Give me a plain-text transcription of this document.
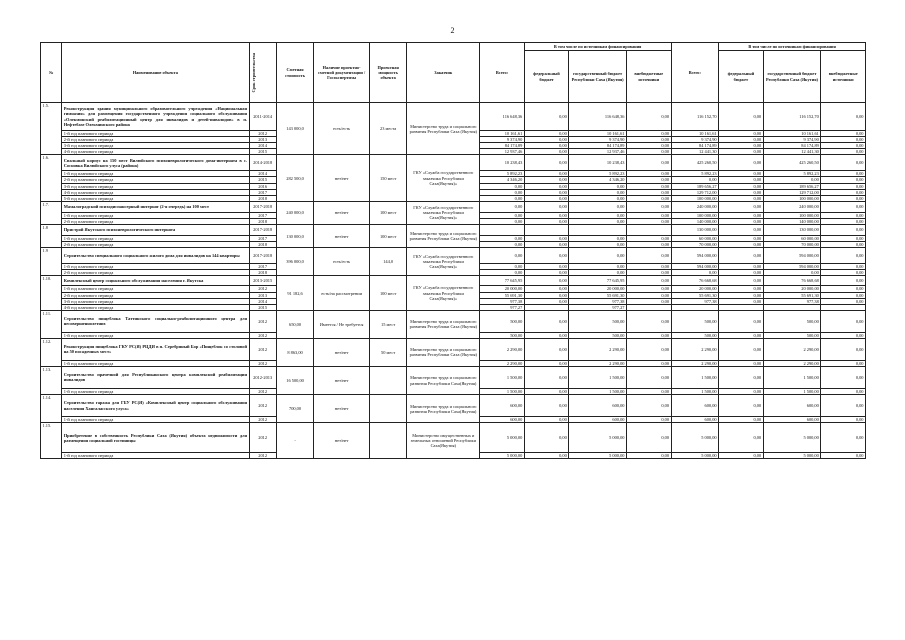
2
№	Наименование объекта	Срок строительства	Сметная стоимость	Наличие проектно-сметной документации / Госэкспертизы	Проектная мощность объекта	Заказчик	Всего:	В том числе по источникам финансирования			Всего:	В том числе по источникам финансирования		
								федеральный бюджет	государственный бюджет Республики Саха (Якутия)	внебюджетные источники		федеральный бюджет	государственный бюджет Республики Саха (Якутия)	внебюджетные источники
1.5.	Реконструкция здания муниципального образовательного учреждения «Национальная гимназия» для размещения государственного учреждения социального обслуживания «Олекминский реабилитационный центр для инвалидов и детей-инвалидов» в п. Нефтебазе Олекминского района	2011-2014	143 000,0	есть/есть	23 места	Министерство труда и социального развития Республики Саха (Якутия)	116 648,36	0,00	116 648,36	0,00	116 152,70	0,00	116 152,70	0,00
	1-й год планового периода	2012					10 161,61	0,00	10 161,61	0,00	10 161,61	0,00	10 161,61	0,00
	2-й год планового периода	2013					9 374,90	0,00	9 374,90	0,00	9 374,90	0,00	9 374,90	0,00
	3-й год планового периода	2014					84 174,89	0,00	84 174,89	0,00	84 174,89	0,00	84 174,89	0,00
	4-й год планового периода	2015					12 937,46	0,00	12 937,46	0,00	12 441,30	0,00	12 441,30	0,00
1.6.	Спальный корпус на 150 мест Вилюйского психоневрологического дома-интерната в с. Сосновка Вилюйского улуса (района)	2014-2018	282 500,0	нет/нет	150 мест	ГКУ «Служба государственного заказчика Республики Саха(Якутия)»	10 238,43	0,00	10 238,43	0,00	425 260,50	0,00	425 260,50	0,00
	1-й год планового периода	2014					5 892,23	0,00	5 892,23	0,00	5 892,23	0,00	5 892,23	0,00
	2-й год планового периода	2015					4 346,20	0,00	4 346,20	0,00	0,00	0,00	0,00	0,00
	3-й год планового периода	2016					0,00	0,00	0,00	0,00	189 656,27	0,00	189 656,27	0,00
	4-й год планового периода	2017					0,00	0,00	0,00	0,00	129 712,00	0,00	129 712,00	0,00
	5-й год планового периода	2018					0,00	0,00	0,00	0,00	100 000,00	0,00	100 000,00	0,00
1.7.	Мамалоградский психодиспансерный интернат (2-я очередь) на 100 мест	2017-2018	240 000,0	нет/нет	100 мест	ГКУ «Служба государственного заказчика Республики Саха(Якутия)»	0,00	0,00	0,00	0,00	240 000,00	0,00	240 000,00	0,00
	1-й год планового периода	2017					0,00	0,00	0,00	0,00	100 000,00	0,00	100 000,00	0,00
	2-й год планового периода	2018					0,00	0,00	0,00	0,00	140 000,00	0,00	140 000,00	0,00
1.8	Пристрой Якутского психоневрологического интерната	2017-2018	130 000,0	нет/нет	100 мест	Министерство труда и социального развития Республики Саха (Якутия)					130 000,00	0,00	130 000,00	0,00
	1-й год планового периода	2017					0,00	0,00	0,00	0,00	60 000,00	0,00	60 000,00	0,00
	2-й год планового периода	2018					0,00	0,00	0,00	0,00	70 000,00	0,00	70 000,00	0,00
1.9	Строительство специального социального жилого дома для инвалидов на 144 квартиры	2017-2018	396 000,0	есть/есть	144,0	ГКУ «Служба государственного заказчика Республики Саха(Якутия)»	0,00	0,00	0,00	0,00	594 000,00	0,00	594 000,00	0,00
	1-й год планового периода	2017					0,00	0,00	0,00	0,00	594 000,00	0,00	594 000,00	0,00
	2-й год планового периода	2018					0,00	0,00	0,00	0,00	0,00	0,00	0,00	0,00
1.10.	Комплексный центр социального обслуживания населения г. Якутска	2013-2015	91 182,6	есть/на рассмотрении	100 мест	ГКУ «Служба государственного заказчика Республики Саха(Якутия)»	77 645,95	0,00	77 645,95	0,00	76 668,68	0,00	76 668,68	0,00
	1-й год планового периода	2012					20 000,00	0,00	20 000,00	0,00	20 000,00	0,00	20 000,00	0,00
	2-й год планового периода	2013					55 691,30	0,00	55 691,30	0,00	55 691,30	0,00	55 691,30	0,00
	3-й год планового периода	2014					977,38	0,00	977,38	0,00	977,38	0,00	977,38	0,00
	4-й год планового периода	2015					977,27		977,27					
1.11.	Строительство пищеблока Таттинского социально-реабилитационного центра для несовершеннолетних	2012	650,00	Имеется / Не требуется	15 мест	Министерство труда и социального развития Республики Саха (Якутия)	500,00	0,00	500,00	0,00	500,00	0,00	500,00	0,00
	1-й год планового периода	2012					500,00	0,00	500,00	0,00	500,00	0,00	500,00	0,00
1.12.	Реконструкция пищеблока ГКУ РС(Я) РЦДИ в п. Серебряный Бор «Пищеблок со столовой на 50 посадочных мест»	2012	8 863,00	нет/нет	50 мест	Министерство труда и социального развития Республики Саха (Якутия)	2 290,00	0,00	2 290,00	0,00	2 290,00	0,00	2 290,00	0,00
	1-й год планового периода	2012					2 290,00	0,00	2 290,00	0,00	2 290,00	0,00	2 290,00	0,00
1.13.	Строительство прачечной для Республиканского центра комплексной реабилитации инвалидов	2012-2013	16 500,00	нет/нет		Министерство труда и социального развития Республики Саха(Якутия)	1 500,00	0,00	1 500,00	0,00	1 500,00	0,00	1 500,00	0,00
	1-й год планового периода	2012					1 500,00	0,00	1 500,00	0,00	1 500,00	0,00	1 500,00	0,00
1.14.	Строительство гаража для ГБУ РС(Я) «Комплексный центр социального обслуживания населения Хангаласского улуса»	2012	700,00	нет/нет		Министерство труда и социального развития Республики Саха(Якутия)	600,00	0,00	600,00	0,00	600,00	0,00	600,00	0,00
	1-й год планового периода	2012					600,00	0,00	600,00	0,00	600,00	0,00	600,00	0,00
1.15.	Приобретение в собственность Республики Саха (Якутия) объекта недвижимости для размещения социальной гостиницы	2012	-	нет/нет		Министерство имущественных и земельных отношений Республики Саха(Якутия)	5 000,00	0,00	5 000,00	0,00	5 000,00	0,00	5 000,00	0,00
	1-й год планового периода	2012					5 000,00	0,00	5 000,00	0,00	5 000,00	0,00	5 000,00	0,00
